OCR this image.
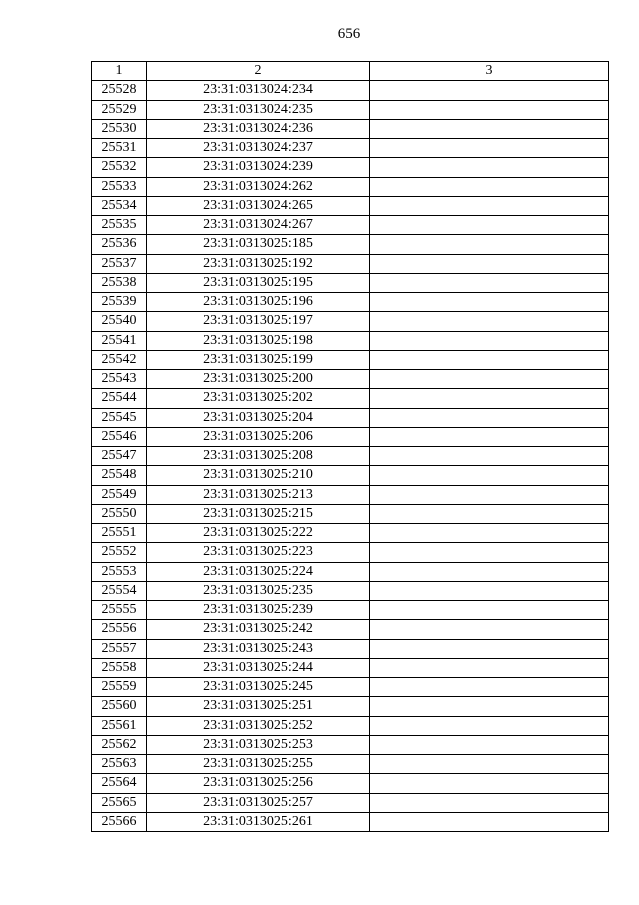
656
1	2	3
25528	23:31:0313024:234	
25529	23:31:0313024:235	
25530	23:31:0313024:236	
25531	23:31:0313024:237	
25532	23:31:0313024:239	
25533	23:31:0313024:262	
25534	23:31:0313024:265	
25535	23:31:0313024:267	
25536	23:31:0313025:185	
25537	23:31:0313025:192	
25538	23:31:0313025:195	
25539	23:31:0313025:196	
25540	23:31:0313025:197	
25541	23:31:0313025:198	
25542	23:31:0313025:199	
25543	23:31:0313025:200	
25544	23:31:0313025:202	
25545	23:31:0313025:204	
25546	23:31:0313025:206	
25547	23:31:0313025:208	
25548	23:31:0313025:210	
25549	23:31:0313025:213	
25550	23:31:0313025:215	
25551	23:31:0313025:222	
25552	23:31:0313025:223	
25553	23:31:0313025:224	
25554	23:31:0313025:235	
25555	23:31:0313025:239	
25556	23:31:0313025:242	
25557	23:31:0313025:243	
25558	23:31:0313025:244	
25559	23:31:0313025:245	
25560	23:31:0313025:251	
25561	23:31:0313025:252	
25562	23:31:0313025:253	
25563	23:31:0313025:255	
25564	23:31:0313025:256	
25565	23:31:0313025:257	
25566	23:31:0313025:261	
